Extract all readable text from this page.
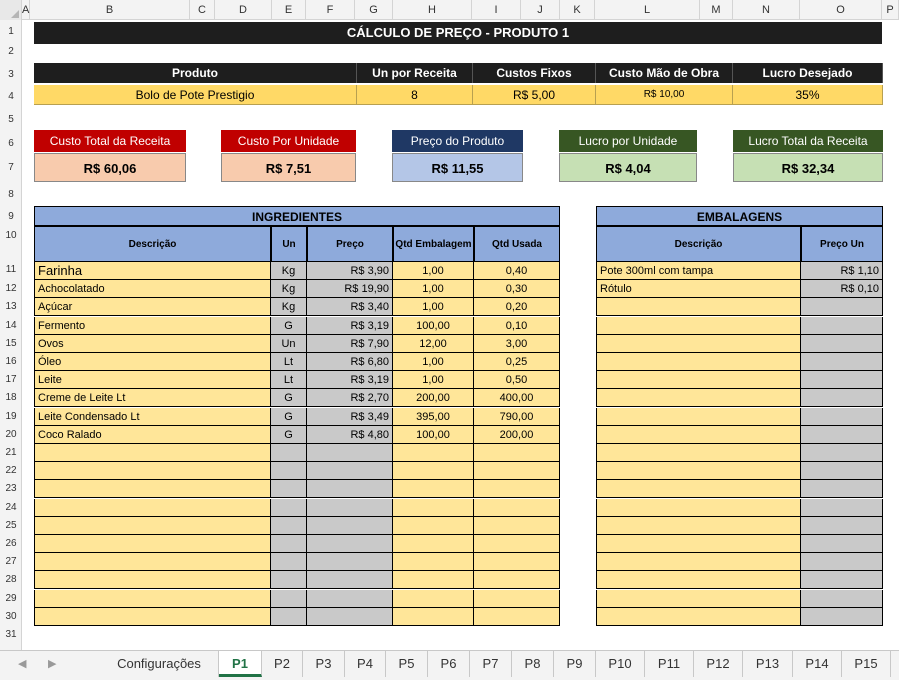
A	B	C	D	E	F	G	H	I	J	K	L	M	N	O	P
1
2
3
4
5
6
7
8
9
10
11
12
13
14
15
16
17
18
19
20
21
22
23
24
25
26
27
28
29
30
31
CÁLCULO DE PREÇO - PRODUTO 1
Produto	Un por Receita	Custos Fixos	Custo Mão de Obra	Lucro Desejado
Bolo de Pote Prestigio	8	R$ 5,00	R$ 10,00	35%
Custo Total da Receita
R$ 60,06
Custo Por Unidade
R$ 7,51
Preço do Produto
R$ 11,55
Lucro por Unidade
R$ 4,04
Lucro Total da Receita
R$ 32,34
INGREDIENTES
Descrição	Un	Preço	Qtd Embalagem	Qtd Usada
Farinha	Kg	R$ 3,90	1,00	0,40
Achocolatado	Kg	R$ 19,90	1,00	0,30
Açúcar	Kg	R$ 3,40	1,00	0,20
Fermento	G	R$ 3,19	100,00	0,10
Ovos	Un	R$ 7,90	12,00	3,00
Óleo	Lt	R$ 6,80	1,00	0,25
Leite	Lt	R$ 3,19	1,00	0,50
Creme de Leite Lt	G	R$ 2,70	200,00	400,00
Leite Condensado Lt	G	R$ 3,49	395,00	790,00
Coco Ralado	G	R$ 4,80	100,00	200,00
EMBALAGENS
Descrição	Preço Un
Pote 300ml com tampa	R$ 1,10
Rótulo	R$ 0,10
◀ ▶	Configurações	P1	P2	P3	P4	P5	P6	P7	P8	P9	P10	P11	P12	P13	P14	P15
